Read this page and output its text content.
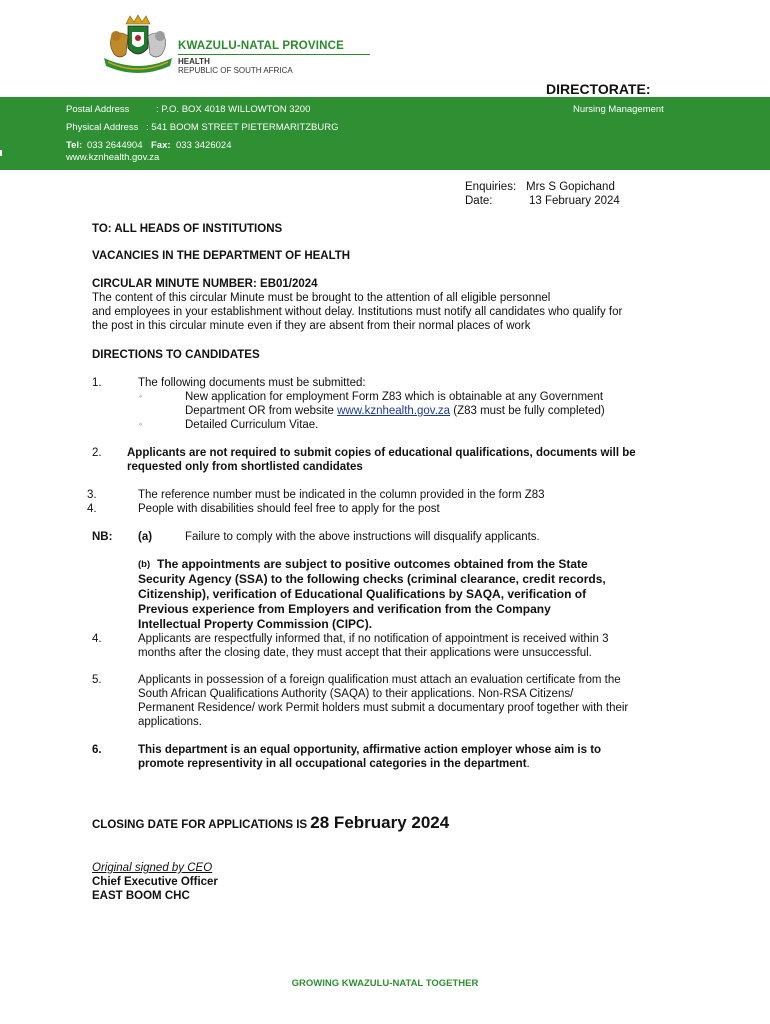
KWAZULU-NATAL PROVINCE
HEALTH
REPUBLIC OF SOUTH AFRICA
DIRECTORATE:
Postal Address	: P.O. BOX 4018 WILLOWTON 3200	Nursing Management
Physical Address : 541 BOOM STREET PIETERMARITZBURG
Tel: 033 2644904 Fax: 033 3426024
www.kznhealth.gov.za
Enquiries: Mrs S Gopichand
Date:	13 February 2024
TO: ALL HEADS OF INSTITUTIONS
VACANCIES IN THE DEPARTMENT OF HEALTH
CIRCULAR MINUTE NUMBER: EB01/2024
The content of this circular Minute must be brought to the attention of all eligible personnel
and employees in your establishment without delay. Institutions must notify all candidates who qualify for
the post in this circular minute even if they are absent from their normal places of work
DIRECTIONS TO CANDIDATES
1.	The following documents must be submitted:
◦	New application for employment Form Z83 which is obtainable at any Government
Department OR from website www.kznhealth.gov.za (Z83 must be fully completed)
◦	Detailed Curriculum Vitae.
2. Applicants are not required to submit copies of educational qualifications, documents will be
requested only from shortlisted candidates
3.	The reference number must be indicated in the column provided in the form Z83
4.	People with disabilities should feel free to apply for the post
NB: (a)	Failure to comply with the above instructions will disqualify applicants.
(b) The appointments are subject to positive outcomes obtained from the State
Security Agency (SSA) to the following checks (criminal clearance, credit records,
Citizenship), verification of Educational Qualifications by SAQA, verification of
Previous experience from Employers and verification from the Company
Intellectual Property Commission (CIPC).
4.	Applicants are respectfully informed that, if no notification of appointment is received within 3
months after the closing date, they must accept that their applications were unsuccessful.
5.	Applicants in possession of a foreign qualification must attach an evaluation certificate from the
South African Qualifications Authority (SAQA) to their applications. Non-RSA Citizens/
Permanent Residence/ work Permit holders must submit a documentary proof together with their
applications.
6.	This department is an equal opportunity, affirmative action employer whose aim is to
promote representivity in all occupational categories in the department.
CLOSING DATE FOR APPLICATIONS IS 28 February 2024
Original signed by CEO
Chief Executive Officer
EAST BOOM CHC
GROWING KWAZULU-NATAL TOGETHER
